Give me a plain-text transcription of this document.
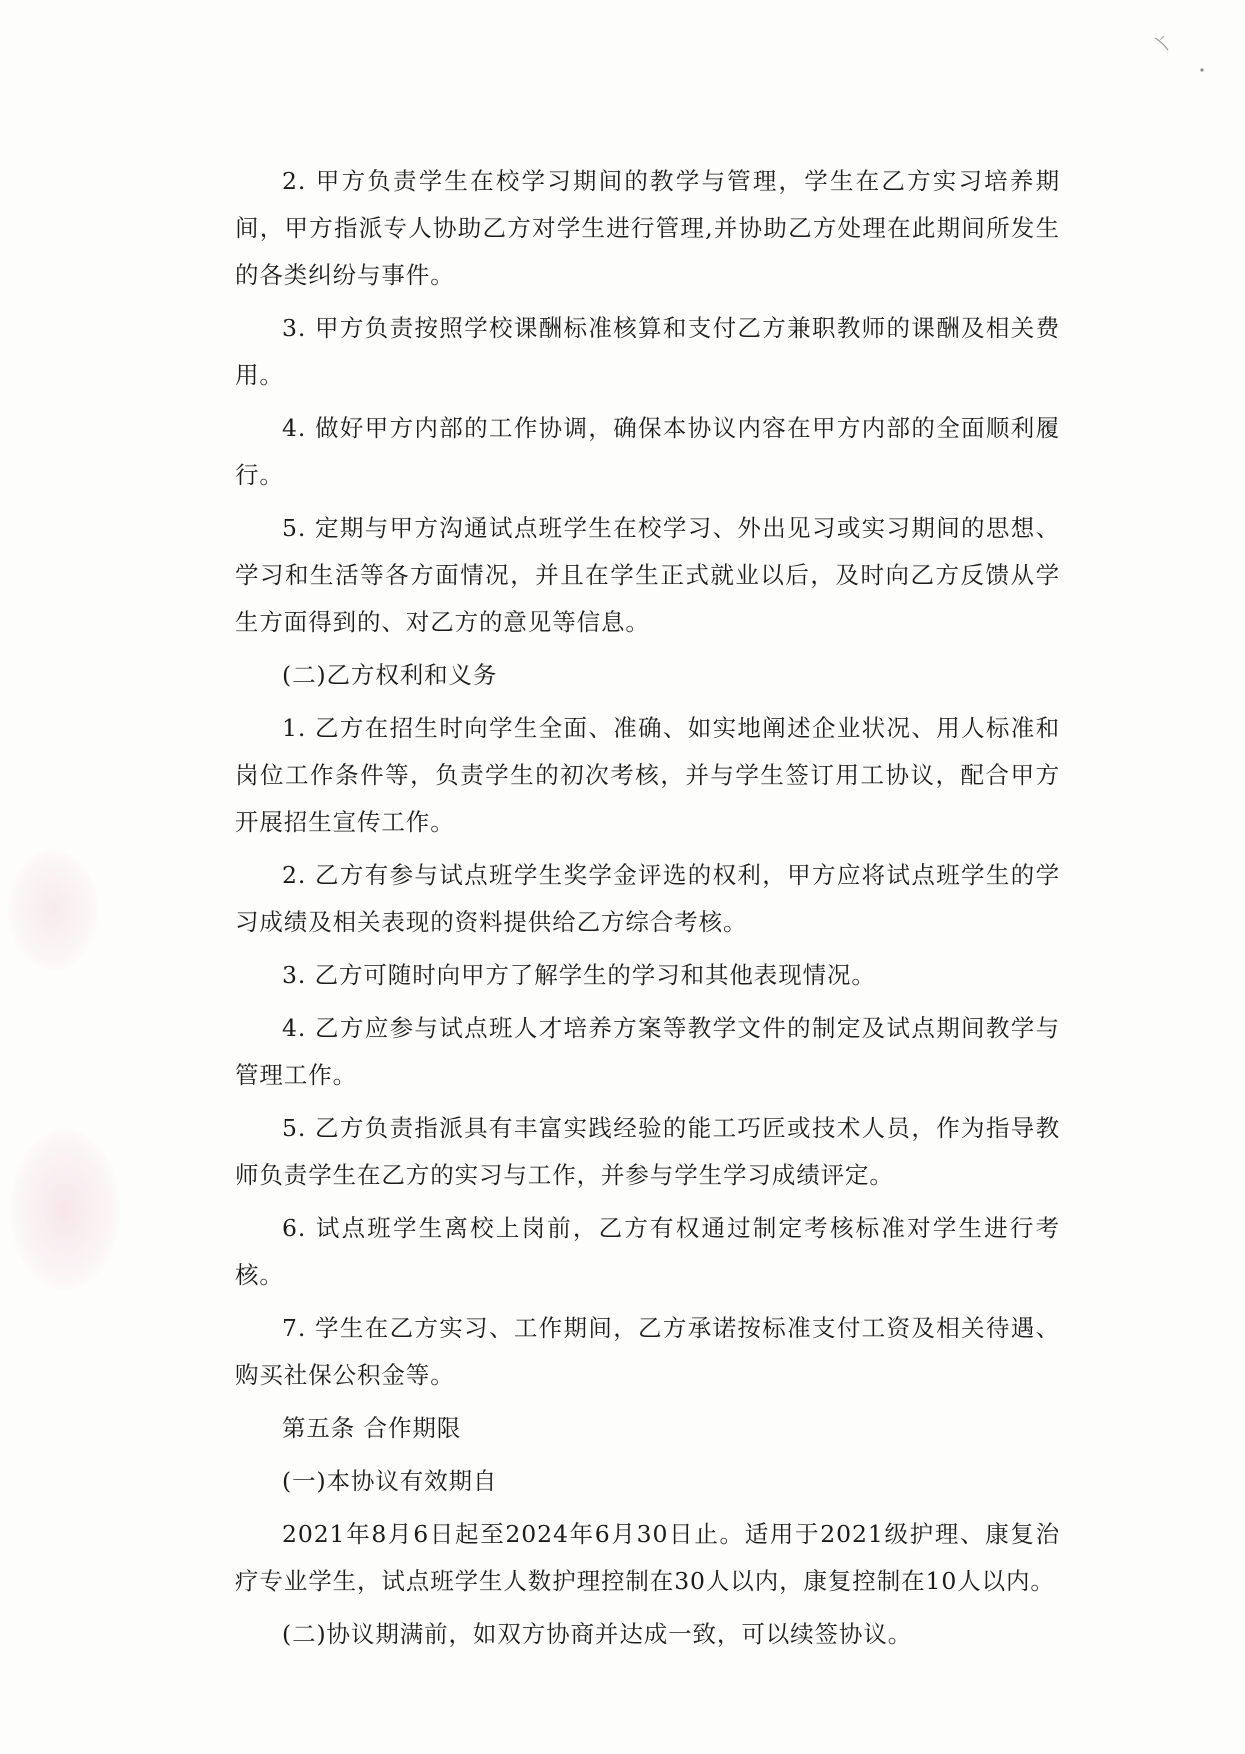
2. 甲方负责学生在校学习期间的教学与管理，学生在乙方实习培养期间，甲方指派专人协助乙方对学生进行管理,并协助乙方处理在此期间所发生的各类纠纷与事件。

3. 甲方负责按照学校课酬标准核算和支付乙方兼职教师的课酬及相关费用。

4. 做好甲方内部的工作协调，确保本协议内容在甲方内部的全面顺利履行。

5. 定期与甲方沟通试点班学生在校学习、外出见习或实习期间的思想、学习和生活等各方面情况，并且在学生正式就业以后，及时向乙方反馈从学生方面得到的、对乙方的意见等信息。

(二)乙方权利和义务

1. 乙方在招生时向学生全面、准确、如实地阐述企业状况、用人标准和岗位工作条件等，负责学生的初次考核，并与学生签订用工协议，配合甲方开展招生宣传工作。

2. 乙方有参与试点班学生奖学金评选的权利，甲方应将试点班学生的学习成绩及相关表现的资料提供给乙方综合考核。

3. 乙方可随时向甲方了解学生的学习和其他表现情况。

4. 乙方应参与试点班人才培养方案等教学文件的制定及试点期间教学与管理工作。

5. 乙方负责指派具有丰富实践经验的能工巧匠或技术人员，作为指导教师负责学生在乙方的实习与工作，并参与学生学习成绩评定。

6. 试点班学生离校上岗前，乙方有权通过制定考核标准对学生进行考核。

7. 学生在乙方实习、工作期间，乙方承诺按标准支付工资及相关待遇、购买社保公积金等。

第五条 合作期限

(一)本协议有效期自

2021年8月6日起至2024年6月30日止。适用于2021级护理、康复治疗专业学生，试点班学生人数护理控制在30人以内，康复控制在10人以内。

(二)协议期满前，如双方协商并达成一致，可以续签协议。
